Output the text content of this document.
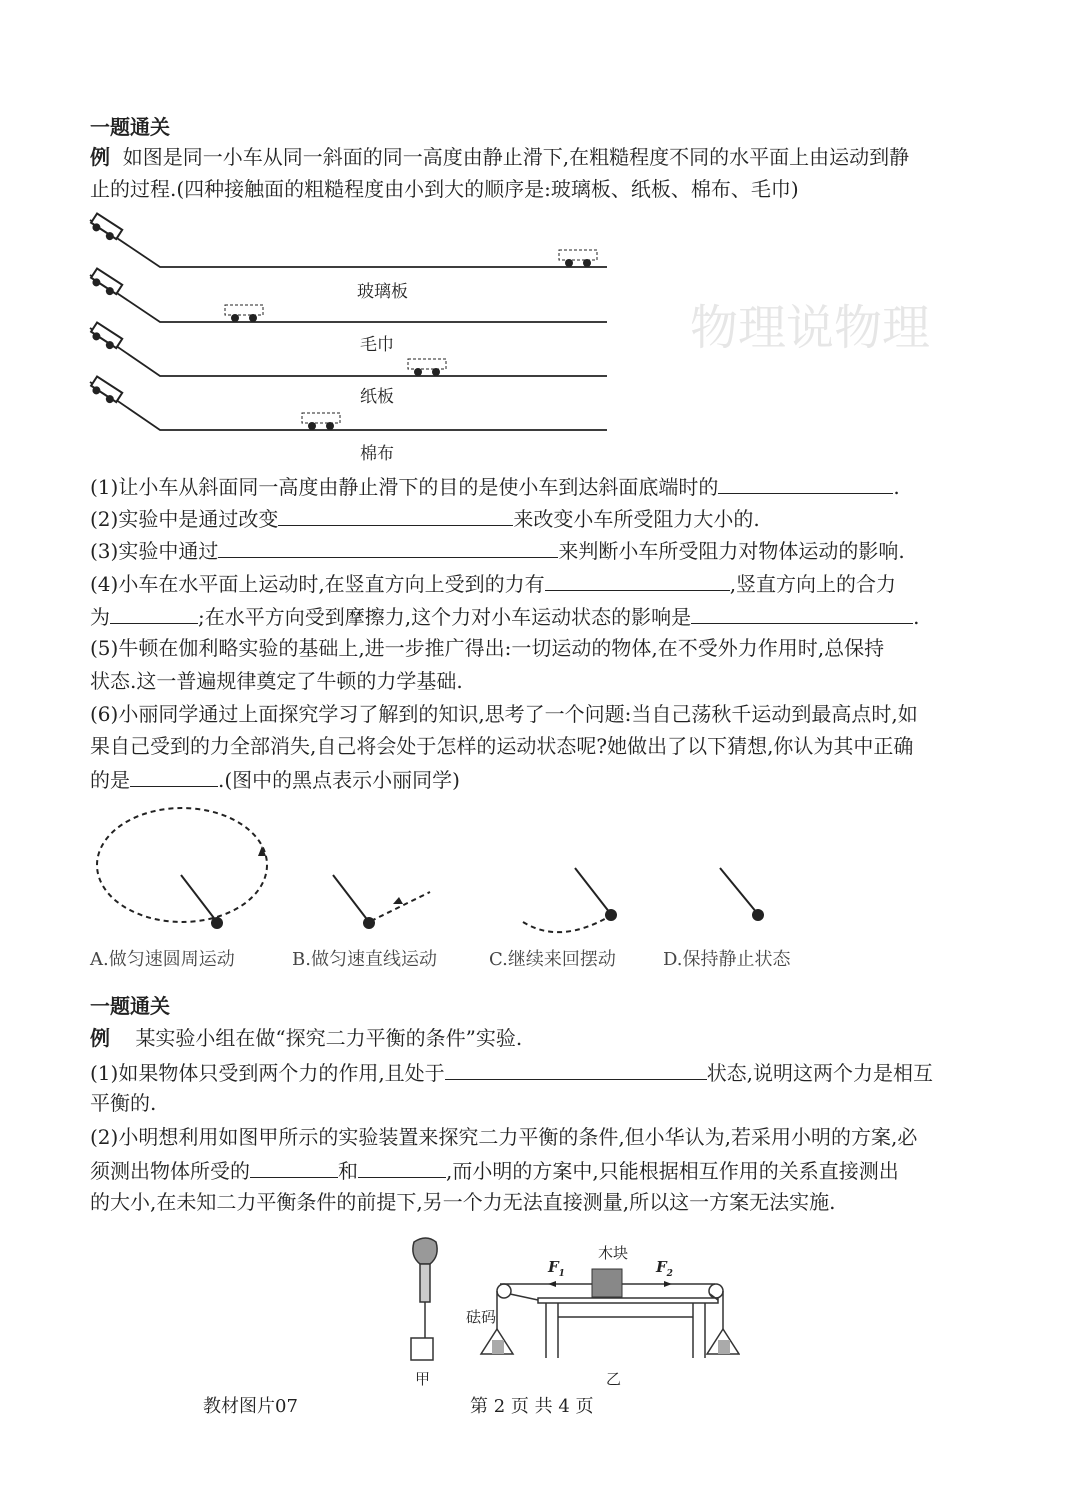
物理说物理
一题通关
例 如图是同一小车从同一斜面的同一高度由静止滑下,在粗糙程度不同的水平面上由运动到静
止的过程.(四种接触面的粗糙程度由小到大的顺序是:玻璃板、纸板、棉布、毛巾)
玻璃板
毛巾
纸板
棉布
(1)让小车从斜面同一高度由静止滑下的目的是使小车到达斜面底端时的	.
(2)实验中是通过改变	来改变小车所受阻力大小的.
(3)实验中通过	来判断小车所受阻力对物体运动的影响.
(4)小车在水平面上运动时,在竖直方向上受到的力有	,竖直方向上的合力
为	;在水平方向受到摩擦力,这个力对小车运动状态的影响是	.
(5)牛顿在伽利略实验的基础上,进一步推广得出:一切运动的物体,在不受外力作用时,总保持
状态.这一普遍规律奠定了牛顿的力学基础.
(6)小丽同学通过上面探究学习了解到的知识,思考了一个问题:当自己荡秋千运动到最高点时,如
果自己受到的力全部消失,自己将会处于怎样的运动状态呢?她做出了以下猜想,你认为其中正确
的是	.(图中的黑点表示小丽同学)
A.做匀速圆周运动	B.做匀速直线运动	C.继续来回摆动	D.保持静止状态
一题通关
例 某实验小组在做“探究二力平衡的条件”实验.
(1)如果物体只受到两个力的作用,且处于	状态,说明这两个力是相互
平衡的.
(2)小明想利用如图甲所示的实验装置来探究二力平衡的条件,但小华认为,若采用小明的方案,必
须测出物体所受的	和	,而小明的方案中,只能根据相互作用的关系直接测出
的大小,在未知二力平衡条件的前提下,另一个力无法直接测量,所以这一方案无法实施.
木块
$F_1$	$F_2$
砝码
甲	乙
教材图片07	第 2 页 共 4 页
